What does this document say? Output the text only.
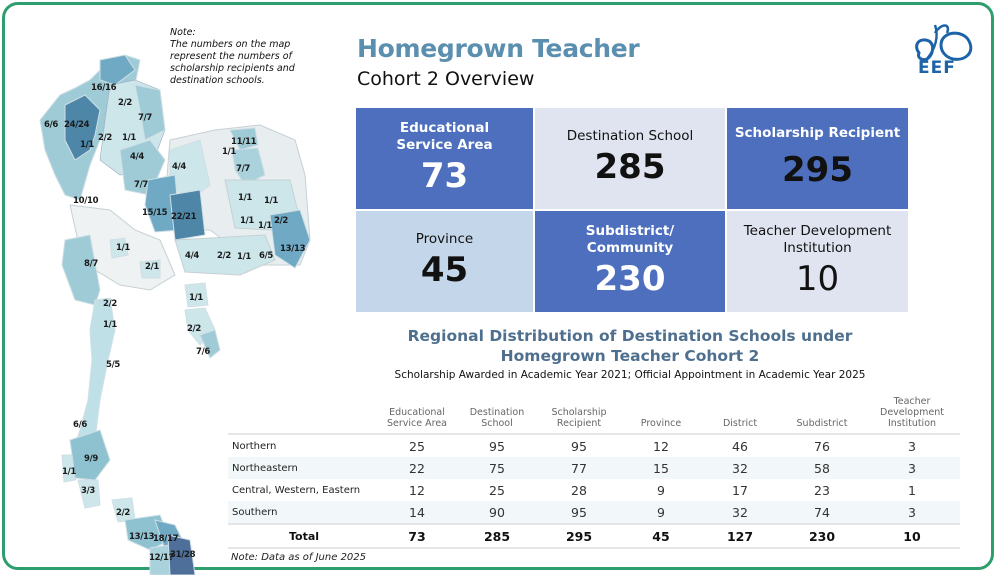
16/16
2/2
7/7
6/6 24/24
2/2 1/1
1/1
4/4
7/7
11/11
1/1
7/7
4/4
10/10
15/15 22/21
1/1 1/1
1/1 1/1 2/2
13/13
1/1
4/4 2/2 1/1 6/5
8/7	2/1
2/2
1/1
1/1	2/2
7/6
5/5
6/6
9/9
1/1
3/3
2/2
13/13
18/17
12/1?
31/28
Note:
The numbers on the map
represent the numbers of
scholarship recipients and
destination schools.
Homegrown Teacher
Cohort 2 Overview	EEF
Educational Service Area
73
Destination School
285
Scholarship Recipient
295
Province
45
Subdistrict/ Community
230
Teacher Development Institution
10
Regional Distribution of Destination Schools under
Homegrown Teacher Cohort 2
Scholarship Awarded in Academic Year 2021; Official Appointment in Academic Year 2025
	Educational Service Area	Destination School	Scholarship Recipient	Province	District	Subdistrict	Teacher Development Institution
Northern	25	95	95	12	46	76	3
Northeastern	22	75	77	15	32	58	3
Central, Western, Eastern	12	25	28	9	17	23	1
Southern	14	90	95	9	32	74	3
Total	73	285	295	45	127	230	10
Note: Data as of June 2025
